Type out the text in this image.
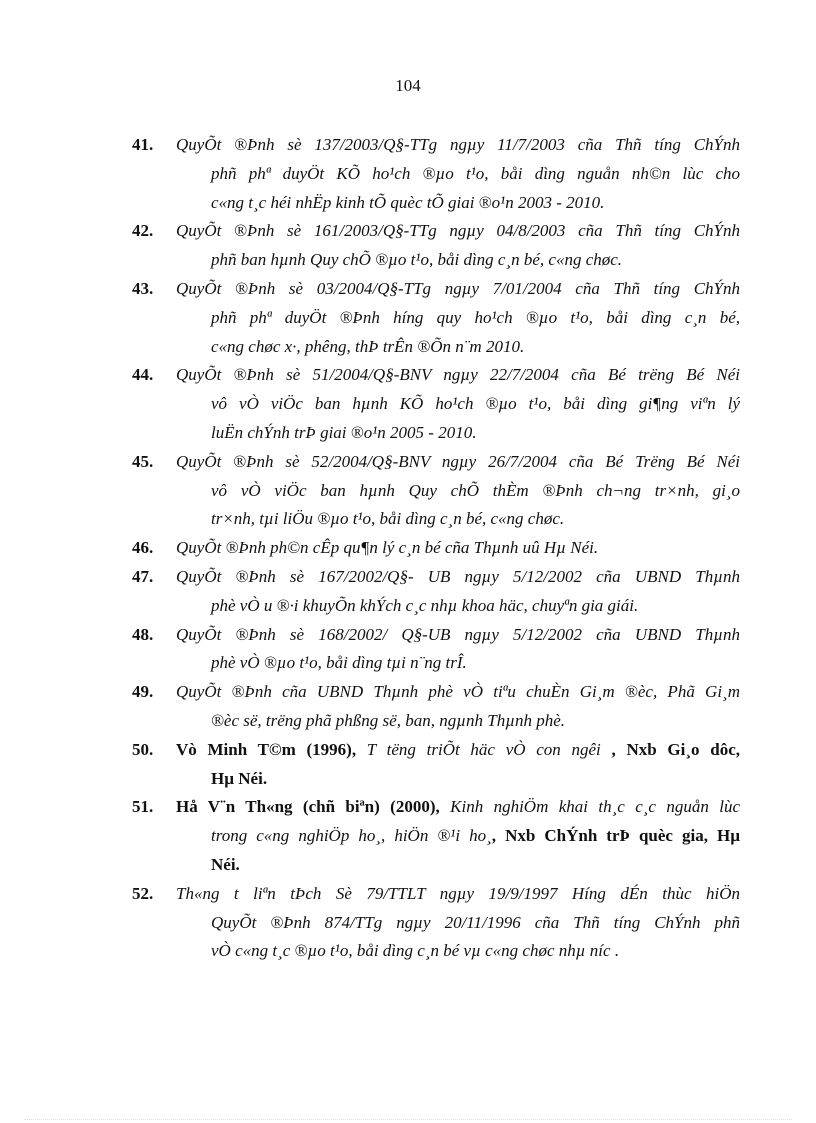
104
41.	QuyÕt ®Þnh sè 137/2003/Q§-TTg ngµy 11/7/2003 cña Thñ tíng ChÝnh
phñ phª duyÖt KÕ ho¹ch ®µo t¹o, båi dìng nguån nh©n lùc cho
c«ng t¸c héi nhËp kinh tÕ quèc tÕ giai ®o¹n 2003 - 2010.
42.	QuyÕt ®Þnh sè 161/2003/Q§-TTg ngµy 04/8/2003 cña Thñ tíng ChÝnh
phñ ban hµnh Quy chÕ ®µo t¹o, båi dìng c¸n bé, c«ng chøc.
43.	QuyÕt ®Þnh sè 03/2004/Q§-TTg ngµy 7/01/2004 cña Thñ tíng ChÝnh
phñ phª duyÖt ®Þnh híng quy ho¹ch ®µo t¹o, båi dìng c¸n bé,
c«ng chøc x·, phêng, thÞ trÊn ®Õn n¨m 2010.
44.	QuyÕt ®Þnh sè 51/2004/Q§-BNV ngµy 22/7/2004 cña Bé trëng Bé Néi
vô vÒ viÖc ban hµnh KÕ ho¹ch ®µo t¹o, båi dìng gi¶ng viªn lý
luËn chÝnh trÞ giai ®o¹n 2005 - 2010.
45.	QuyÕt ®Þnh sè 52/2004/Q§-BNV ngµy 26/7/2004 cña Bé Trëng Bé Néi
vô vÒ viÖc ban hµnh Quy chÕ thÈm ®Þnh ch¬ng tr×nh, gi¸o
tr×nh, tµi liÖu ®µo t¹o, båi dìng c¸n bé, c«ng chøc.
46.	QuyÕt ®Þnh ph©n cÊp qu¶n lý c¸n bé cña Thµnh uû Hµ Néi.
47.	QuyÕt ®Þnh sè 167/2002/Q§- UB ngµy 5/12/2002 cña UBND Thµnh
phè vÒ u ®·i khuyÕn khÝch c¸c nhµ khoa häc, chuyªn gia giái.
48.	QuyÕt ®Þnh sè 168/2002/ Q§-UB ngµy 5/12/2002 cña UBND Thµnh
phè vÒ ®µo t¹o, båi dìng tµi n¨ng trÎ.
49.	QuyÕt ®Þnh cña UBND Thµnh phè vÒ tiªu chuÈn Gi¸m ®èc, Phã Gi¸m
®èc së, trëng phã phßng së, ban, ngµnh Thµnh phè.
50.	Vò Minh T©m (1996), T tëng triÕt häc vÒ con ngêi , Nxb Gi¸o dôc,
Hµ Néi.
51.	Hå V¨n Th«ng (chñ biªn) (2000), Kinh nghiÖm khai th¸c c¸c nguån lùc
trong c«ng nghiÖp ho¸, hiÖn ®¹i ho¸, Nxb ChÝnh trÞ quèc gia, Hµ
Néi.
52.	Th«ng t liªn tÞch Sè 79/TTLT ngµy 19/9/1997 Híng dÉn thùc hiÖn
QuyÕt ®Þnh 874/TTg ngµy 20/11/1996 cña Thñ tíng ChÝnh phñ
vÒ c«ng t¸c ®µo t¹o, båi dìng c¸n bé vµ c«ng chøc nhµ níc .
